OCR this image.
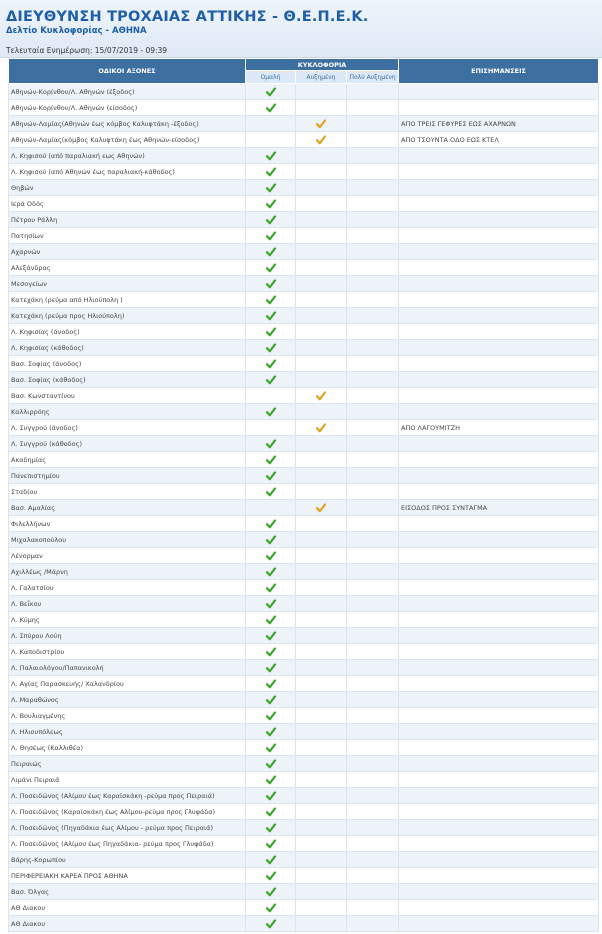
ΔΙΕΥΘΥΝΣΗ ΤΡΟΧΑΙΑΣ ΑΤΤΙΚΗΣ - Θ.Ε.Π.Ε.Κ.
Δελτίο Κυκλοφορίας - ΑΘΗΝΑ
Τελευταία Ενημέρωση: 15/07/2019 - 09:39
ΟΔΙΚΟΙ ΑΞΟΝΕΣ	ΚΥΚΛΟΦΟΡΙΑ			ΕΠΙΣΗΜΑΝΣΕΙΣ
	Ομαλή	Αυξημένη	Πολύ Αυξημένη	
Αθηνών-Κορίνθου/Λ. Αθηνών (έξοδος)	

Αθηνών-Κορίνθου/Λ. Αθηνών (είσοδος)	

Αθηνών-Λαμίας(Αθηνών έως κόμβος Καλυφτάκη -έξοδος)				ΑΠΟ ΤΡΕΙΣ ΓΕΦΥΡΕΣ ΕΩΣ ΑΧΑΡΝΩΝ
Αθηνών-Λαμίας(κόμβος Καλυφτάκη έως Αθηνών-είσοδος)				ΑΠΟ ΤΣΟΥΝΤΑ ΟΔΟ ΕΩΣ ΚΤΕΛ
Λ. Κηφισού (από παραλιακή εως Αθηνών)	

Λ. Κηφισού (από Αθηνών έως παραλιακή-κάθοδος)	

Θηβών	

Ιερά Οδός	

Πέτρου Ράλλη	

Πατησίων	

Αχαρνών	

Αλεξάνδρας	

Μεσογείων	

Κατεχάκη (ρεύμα από Ηλιούπολη )	

Κατεχάκη (ρεύμα προς Ηλιούπολη)	

Λ. Κηφισίας (άνοδος)	

Λ. Κηφισίας (κάθοδος)	

Βασ. Σοφίας (άνοδος)	

Βασ. Σοφίας (κάθοδος)	

Βασ. Κωνσταντίνου		

Καλλιρρόης	

Λ. Συγγρού (άνοδος)				ΑΠΟ ΛΑΓΟΥΜΙΤΖΗ
Λ. Συγγρού (κάθοδος)	

Ακαδημίας	

Πανεπιστημίου	

Σταδίου	

Βασ. Αμαλίας				ΕΙΣΟΔΟΣ ΠΡΟΣ ΣΥΝΤΑΓΜΑ
Φιλελλήνων	

Μιχαλακοπούλου	

Λένορμαν	

Αχιλλέως /Μάρνη	

Λ. Γαλατσίου	

Λ. Βεΐκου	

Λ. Κύμης	

Λ. Σπύρου Λούη	

Λ. Καποδιστρίου	

Λ. Παλαιολόγου/Παπανικολή	

Λ. Αγίας Παρασκευής/ Χαλανδρίου	

Λ. Μαραθώνος	

Λ. Βουλιαγμένης	

Λ. Ηλιουπόλεως	

Λ. Θησέως (Καλλιθέα)	

Πειραιώς	

Λιμάνι Πειραιά	

Λ. Ποσειδώνος (Αλίμου έως Καραϊσκάκη -ρεύμα προς Πειραιά)	

Λ. Ποσειδώνος (Καραϊσκάκη έως Αλίμου-ρεύμα προς Γλυφάδα)	

Λ. Ποσειδώνος (Πηγαδάκια έως Αλίμου - ρεύμα προς Πειραιά)	

Λ. Ποσειδώνος (Αλίμου έως Πηγαδάκια- ρεύμα προς Γλυφάδα)	

Βάρης-Κορωπίου	

ΠΕΡΙΦΕΡΕΙΑΚΗ ΚΑΡΕΑ ΠΡΟΣ ΑΘΗΝΑ	

Βασ. Όλγας	

ΑΘ Διακου	

ΑΘ Διακου	
